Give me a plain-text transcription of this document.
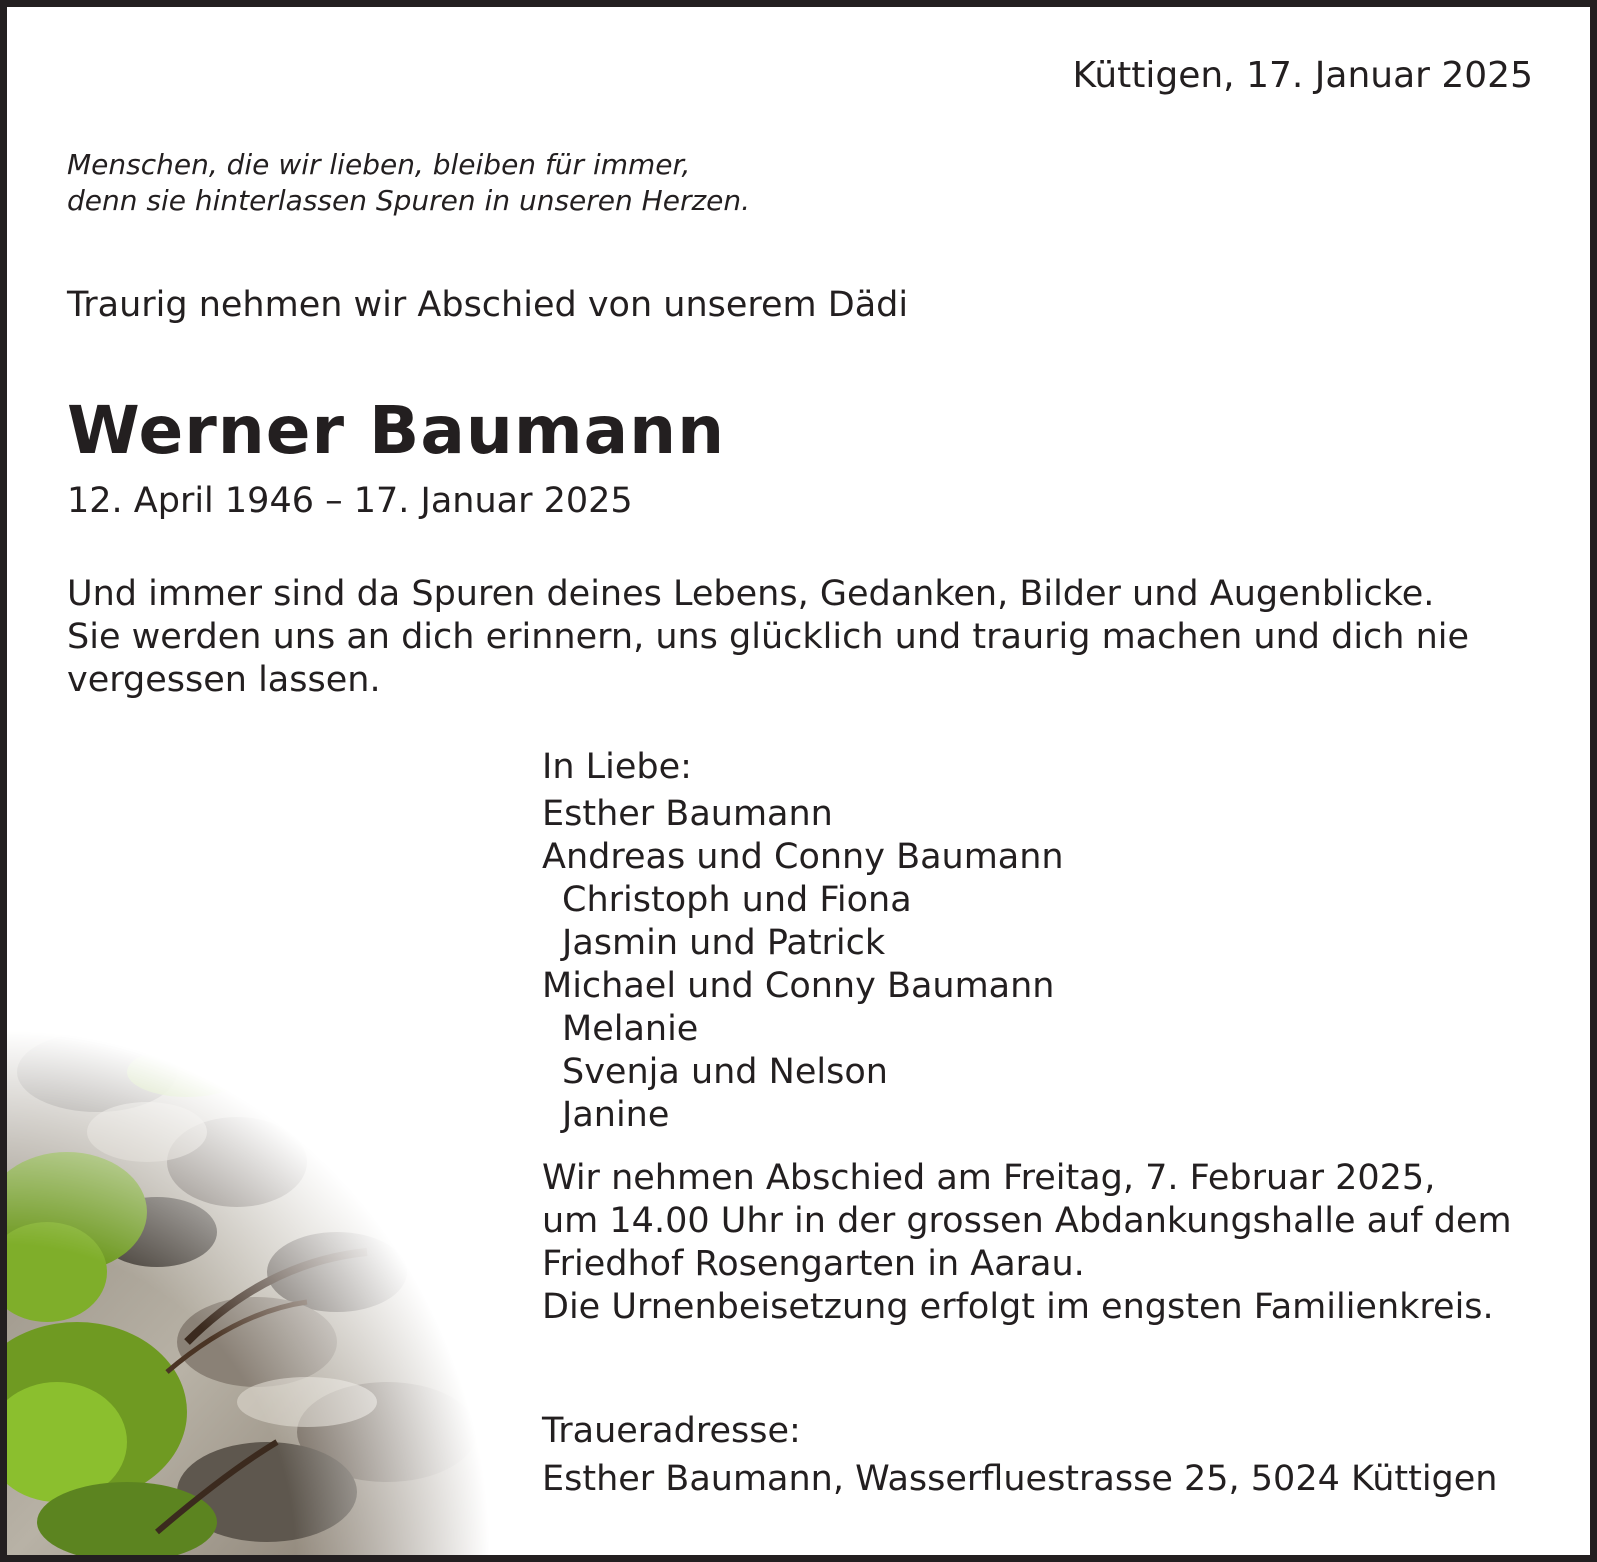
Küttigen, 17. Januar 2025
Menschen, die wir lieben, bleiben für immer,
denn sie hinterlassen Spuren in unseren Herzen.
Traurig nehmen wir Abschied von unserem Dädi
Werner Baumann
12. April 1946 – 17. Januar 2025
Und immer sind da Spuren deines Lebens, Gedanken, Bilder und Augenblicke.
Sie werden uns an dich erinnern, uns glücklich und traurig machen und dich nie
vergessen lassen.
In Liebe:
Esther Baumann
Andreas und Conny Baumann
Christoph und Fiona
Jasmin und Patrick
Michael und Conny Baumann
Melanie
Svenja und Nelson
Janine
Wir nehmen Abschied am Freitag, 7. Februar 2025,
um 14.00 Uhr in der grossen Abdankungshalle auf dem
Friedhof Rosengarten in Aarau.
Die Urnenbeisetzung erfolgt im engsten Familienkreis.
Traueradresse:
Esther Baumann, Wasserfluestrasse 25, 5024 Küttigen
